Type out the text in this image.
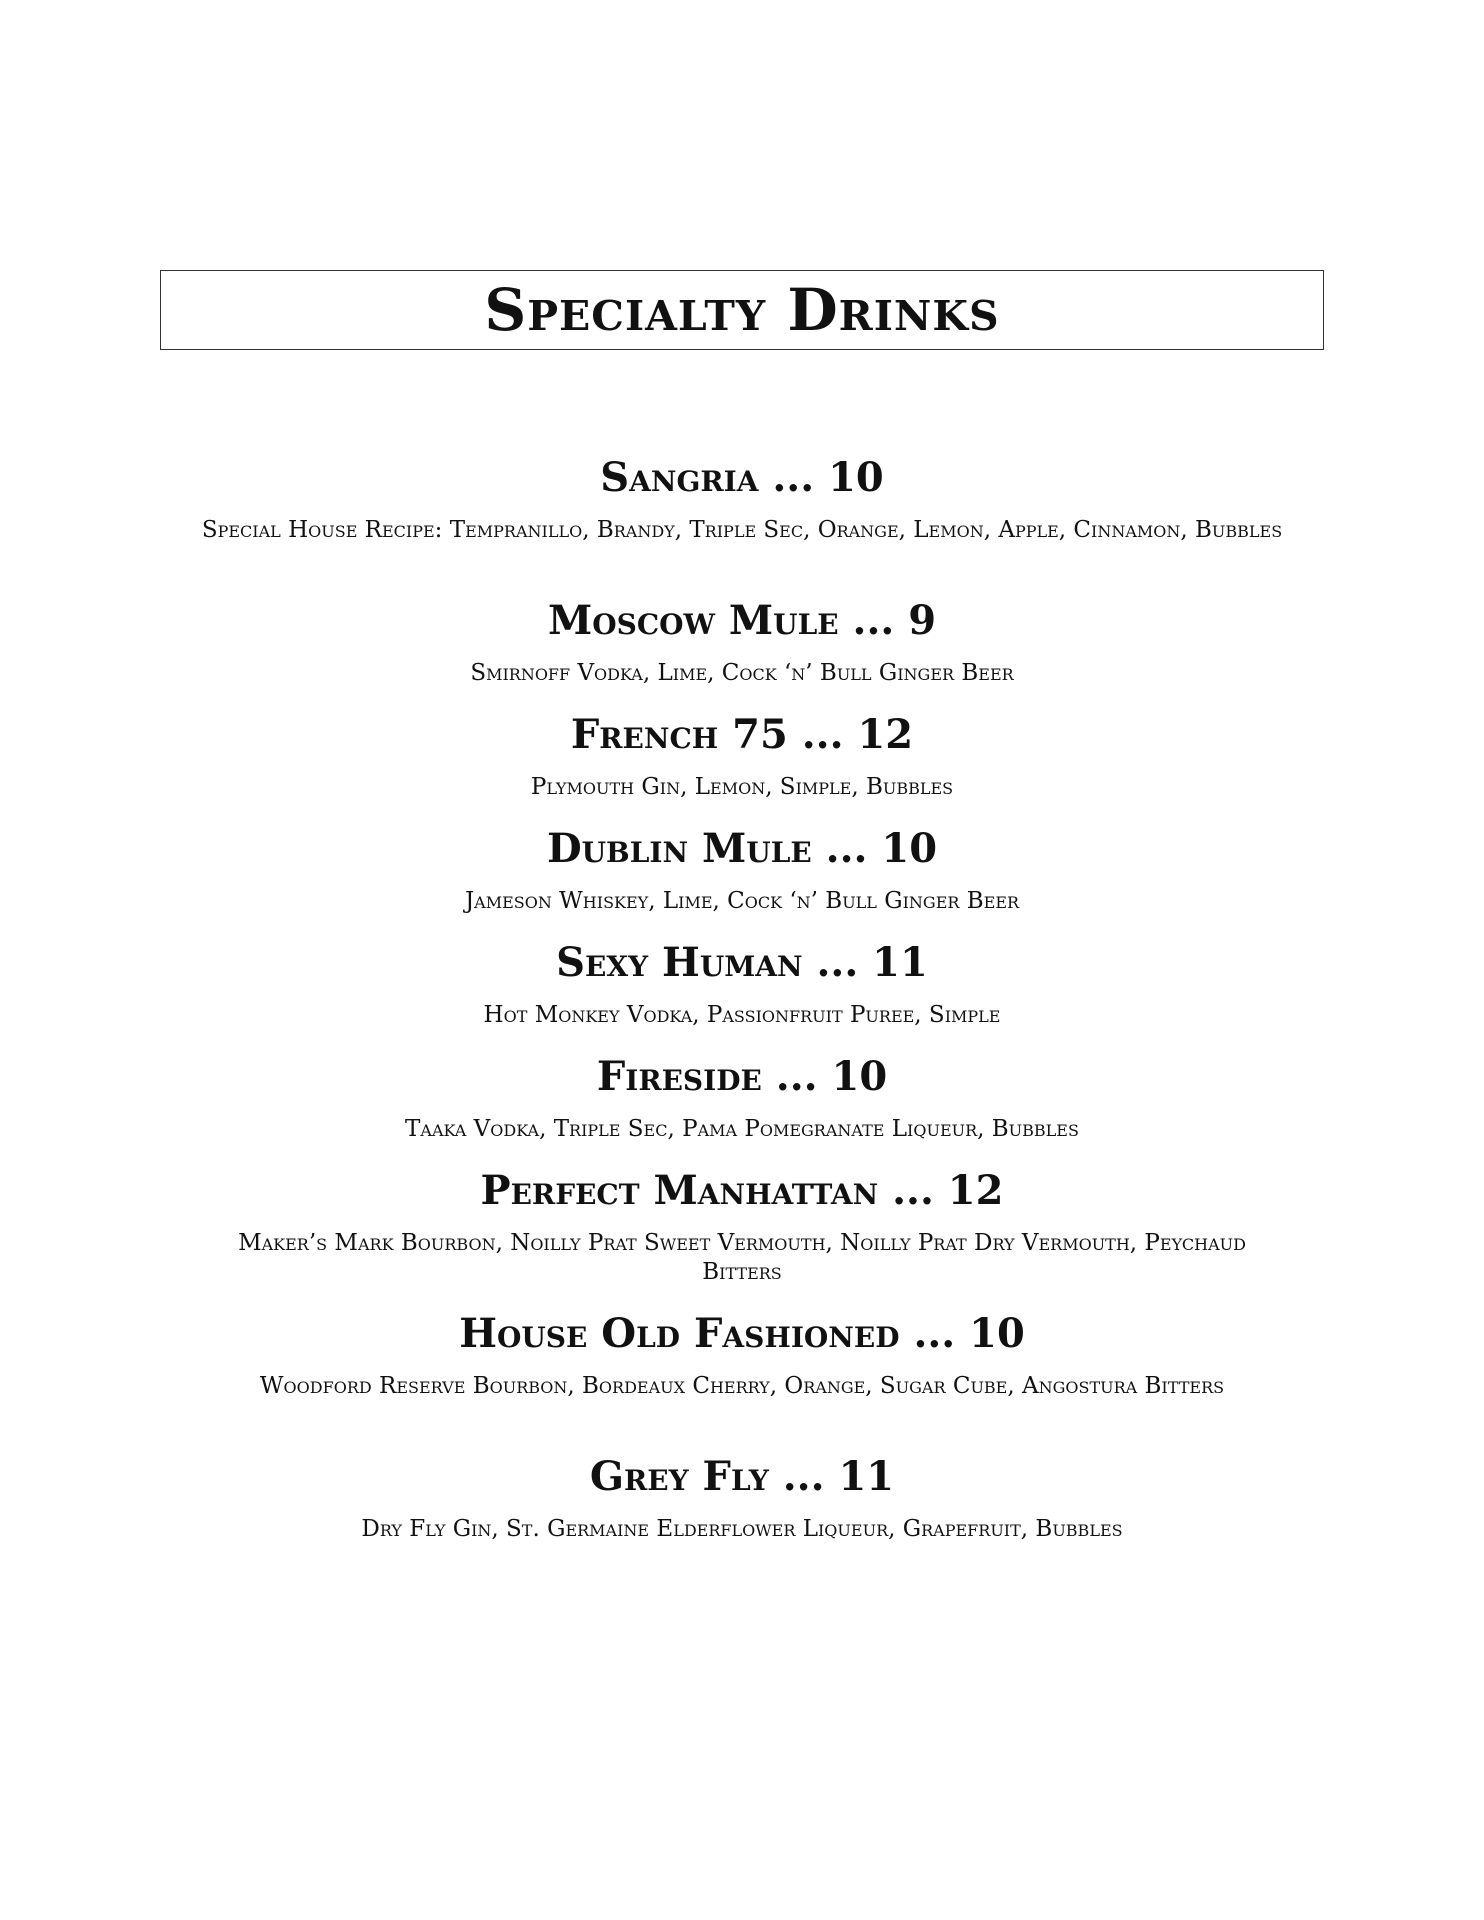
Specialty Drinks
Sangria ... 10
Special House Recipe: Tempranillo, Brandy, Triple Sec, Orange, Lemon, Apple, Cinnamon, Bubbles
Moscow Mule ... 9
Smirnoff Vodka, Lime, Cock ‘n’ Bull Ginger Beer
French 75 ... 12
Plymouth Gin, Lemon, Simple, Bubbles
Dublin Mule ... 10
Jameson Whiskey, Lime, Cock ‘n’ Bull Ginger Beer
Sexy Human ... 11
Hot Monkey Vodka, Passionfruit Puree, Simple
Fireside ... 10
Taaka Vodka, Triple Sec, Pama Pomegranate Liqueur, Bubbles
Perfect Manhattan ... 12
Maker’s Mark Bourbon, Noilly Prat Sweet Vermouth, Noilly Prat Dry Vermouth, Peychaud Bitters
House Old Fashioned ... 10
Woodford Reserve Bourbon, Bordeaux Cherry, Orange, Sugar Cube, Angostura Bitters
Grey Fly ... 11
Dry Fly Gin, St. Germaine Elderflower Liqueur, Grapefruit, Bubbles
